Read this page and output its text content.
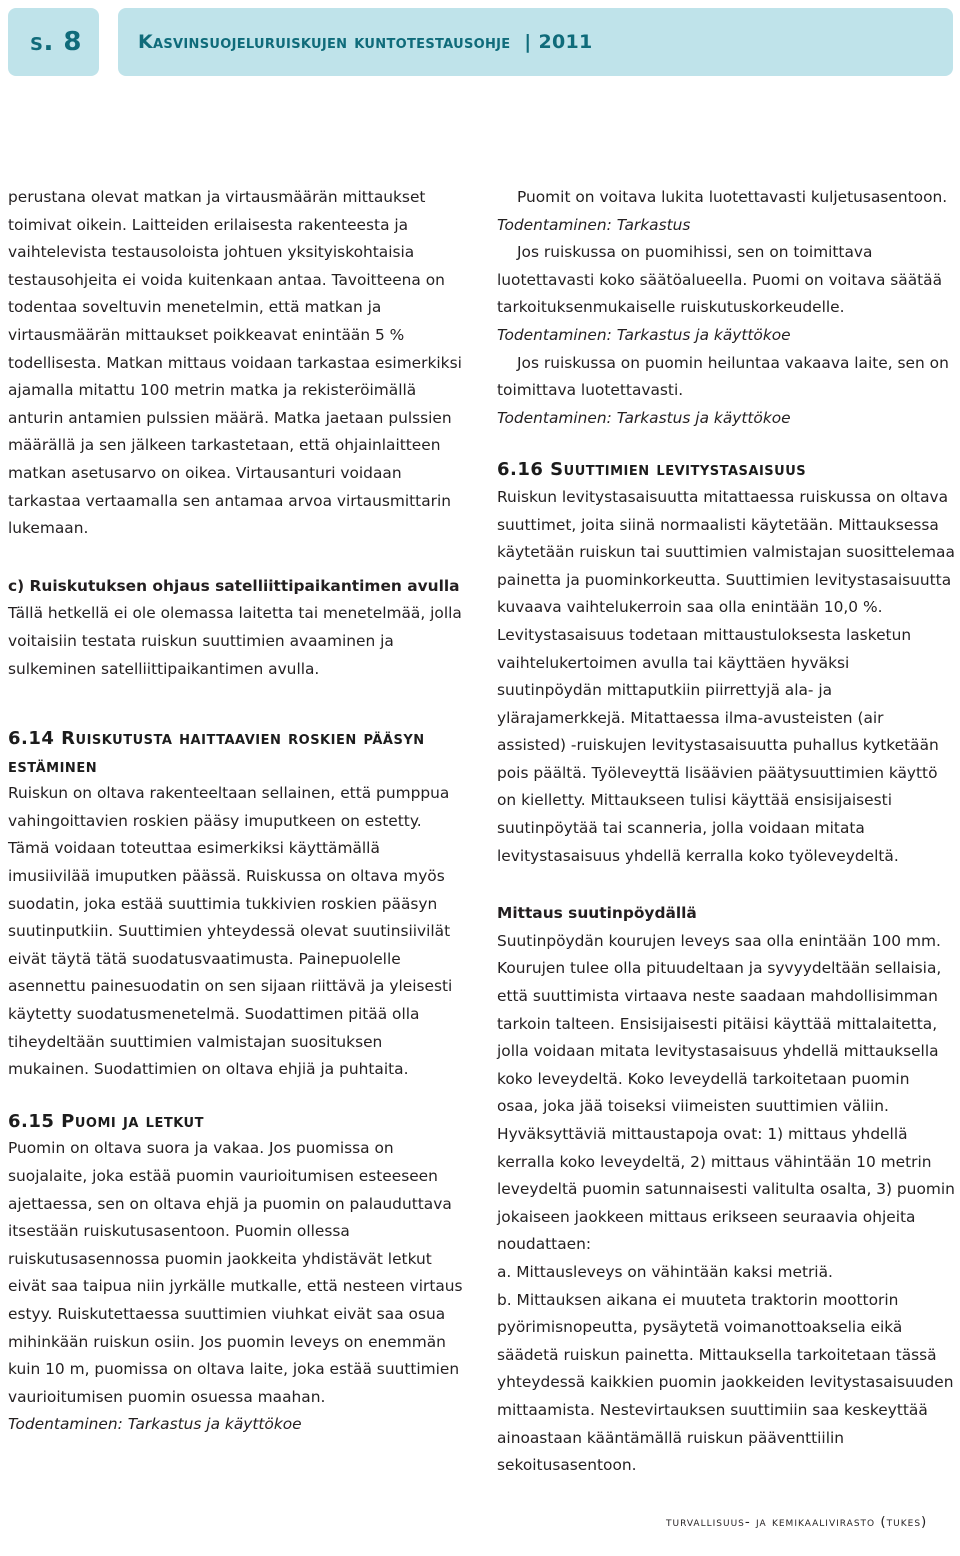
s. 8	Kasvinsuojeluruiskujen kuntotestausohje  | 2011

perustana olevat matkan ja virtausmäärän mittaukset toimivat oikein. Laitteiden erilaisesta rakenteesta ja vaihtelevista testausoloista johtuen yksityiskohtaisia testausohjeita ei voida kuitenkaan antaa. Tavoitteena on todentaa soveltuvin menetelmin, että matkan ja virtausmäärän mittaukset poikkeavat enintään 5 % todellisesta. Matkan mittaus voidaan tarkastaa esimerkiksi ajamalla mitattu 100 metrin matka ja rekisteröimällä anturin antamien pulssien määrä. Matka jaetaan pulssien määrällä ja sen jälkeen tarkastetaan, että ohjainlaitteen matkan asetusarvo on oikea. Virtausanturi voidaan tarkastaa vertaamalla sen antamaa arvoa virtausmittarin lukemaan.

c) Ruiskutuksen ohjaus satelliittipaikantimen avulla

Tällä hetkellä ei ole olemassa laitetta tai menetelmää, jolla voitaisiin testata ruiskun suuttimien avaaminen ja sulkeminen satelliittipaikantimen avulla.

6.14 Ruiskutusta haittaavien roskien pääsyn estäminen

Ruiskun on oltava rakenteeltaan sellainen, että pumppua vahingoittavien roskien pääsy imuputkeen on estetty. Tämä voidaan toteuttaa esimerkiksi käyttämällä imusiivilää imuputken päässä. Ruiskussa on oltava myös suodatin, joka estää suuttimia tukkivien roskien pääsyn suutinputkiin. Suuttimien yhteydessä olevat suutinsiivilät eivät täytä tätä suodatusvaatimusta. Painepuolelle asennettu painesuodatin on sen sijaan riittävä ja yleisesti käytetty suodatusmenetelmä. Suodattimen pitää olla tiheydeltään suuttimien valmistajan suosituksen mukainen. Suodattimien on oltava ehjiä ja puhtaita.

6.15 Puomi ja letkut

Puomin on oltava suora ja vakaa. Jos puomissa on suojalaite, joka estää puomin vaurioitumisen esteeseen ajettaessa, sen on oltava ehjä ja puomin on palauduttava itsestään ruiskutusasentoon. Puomin ollessa ruiskutusasennossa puomin jaokkeita yhdistävät letkut eivät saa taipua niin jyrkälle mutkalle, että nesteen virtaus estyy. Ruiskutettaessa suuttimien viuhkat eivät saa osua mihinkään ruiskun osiin. Jos puomin leveys on enemmän kuin 10 m, puomissa on oltava laite, joka estää suuttimien vaurioitumisen puomin osuessa maahan.

Todentaminen: Tarkastus ja käyttökoe

Puomit on voitava lukita luotettavasti kuljetusasentoon.

Todentaminen: Tarkastus

Jos ruiskussa on puomihissi, sen on toimittava luotettavasti koko säätöalueella. Puomi on voitava säätää tarkoituksenmukaiselle ruiskutuskorkeudelle.

Todentaminen: Tarkastus ja käyttökoe

Jos ruiskussa on puomin heiluntaa vakaava laite, sen on toimittava luotettavasti.

Todentaminen: Tarkastus ja käyttökoe

6.16 Suuttimien levitystasaisuus

Ruiskun levitystasaisuutta mitattaessa ruiskussa on oltava suuttimet, joita siinä normaalisti käytetään. Mittauksessa käytetään ruiskun tai suuttimien valmistajan suosittelemaa painetta ja puominkorkeutta. Suuttimien levitystasaisuutta kuvaava vaihtelukerroin saa olla enintään 10,0 %. Levitystasaisuus todetaan mittaustuloksesta lasketun vaihtelukertoimen avulla tai käyttäen hyväksi suutinpöydän mittaputkiin piirrettyjä ala- ja ylärajamerkkejä. Mitattaessa ilma-avusteisten (air assisted) -ruiskujen levitystasaisuutta puhallus kytketään pois päältä. Työleveyttä lisäävien päätysuuttimien käyttö on kielletty. Mittaukseen tulisi käyttää ensisijaisesti suutinpöytää tai scanneria, jolla voidaan mitata levitystasaisuus yhdellä kerralla koko työleveydeltä.

Mittaus suutinpöydällä

Suutinpöydän kourujen leveys saa olla enintään 100 mm. Kourujen tulee olla pituudeltaan ja syvyydeltään sellaisia, että suuttimista virtaava neste saadaan mahdollisimman tarkoin talteen. Ensisijaisesti pitäisi käyttää mittalaitetta, jolla voidaan mitata levitystasaisuus yhdellä mittauksella koko leveydeltä. Koko leveydellä tarkoitetaan puomin osaa, joka jää toiseksi viimeisten suuttimien väliin. Hyväksyttäviä mittaustapoja ovat: 1) mittaus yhdellä kerralla koko leveydeltä, 2) mittaus vähintään 10 metrin leveydeltä puomin satunnaisesti valitulta osalta, 3) puomin jokaiseen jaokkeen mittaus erikseen seuraavia ohjeita noudattaen:

a. Mittausleveys on vähintään kaksi metriä.

b. Mittauksen aikana ei muuteta traktorin moottorin pyörimisnopeutta, pysäytetä voimanottoakselia eikä säädetä ruiskun painetta. Mittauksella tarkoitetaan tässä yhteydessä kaikkien puomin jaokkeiden levitystasaisuuden mittaamista. Nestevirtauksen suuttimiin saa keskeyttää ainoastaan kääntämällä ruiskun pääventtiilin sekoitusasentoon.

turvallisuus- ja kemikaalivirasto (tukes)
